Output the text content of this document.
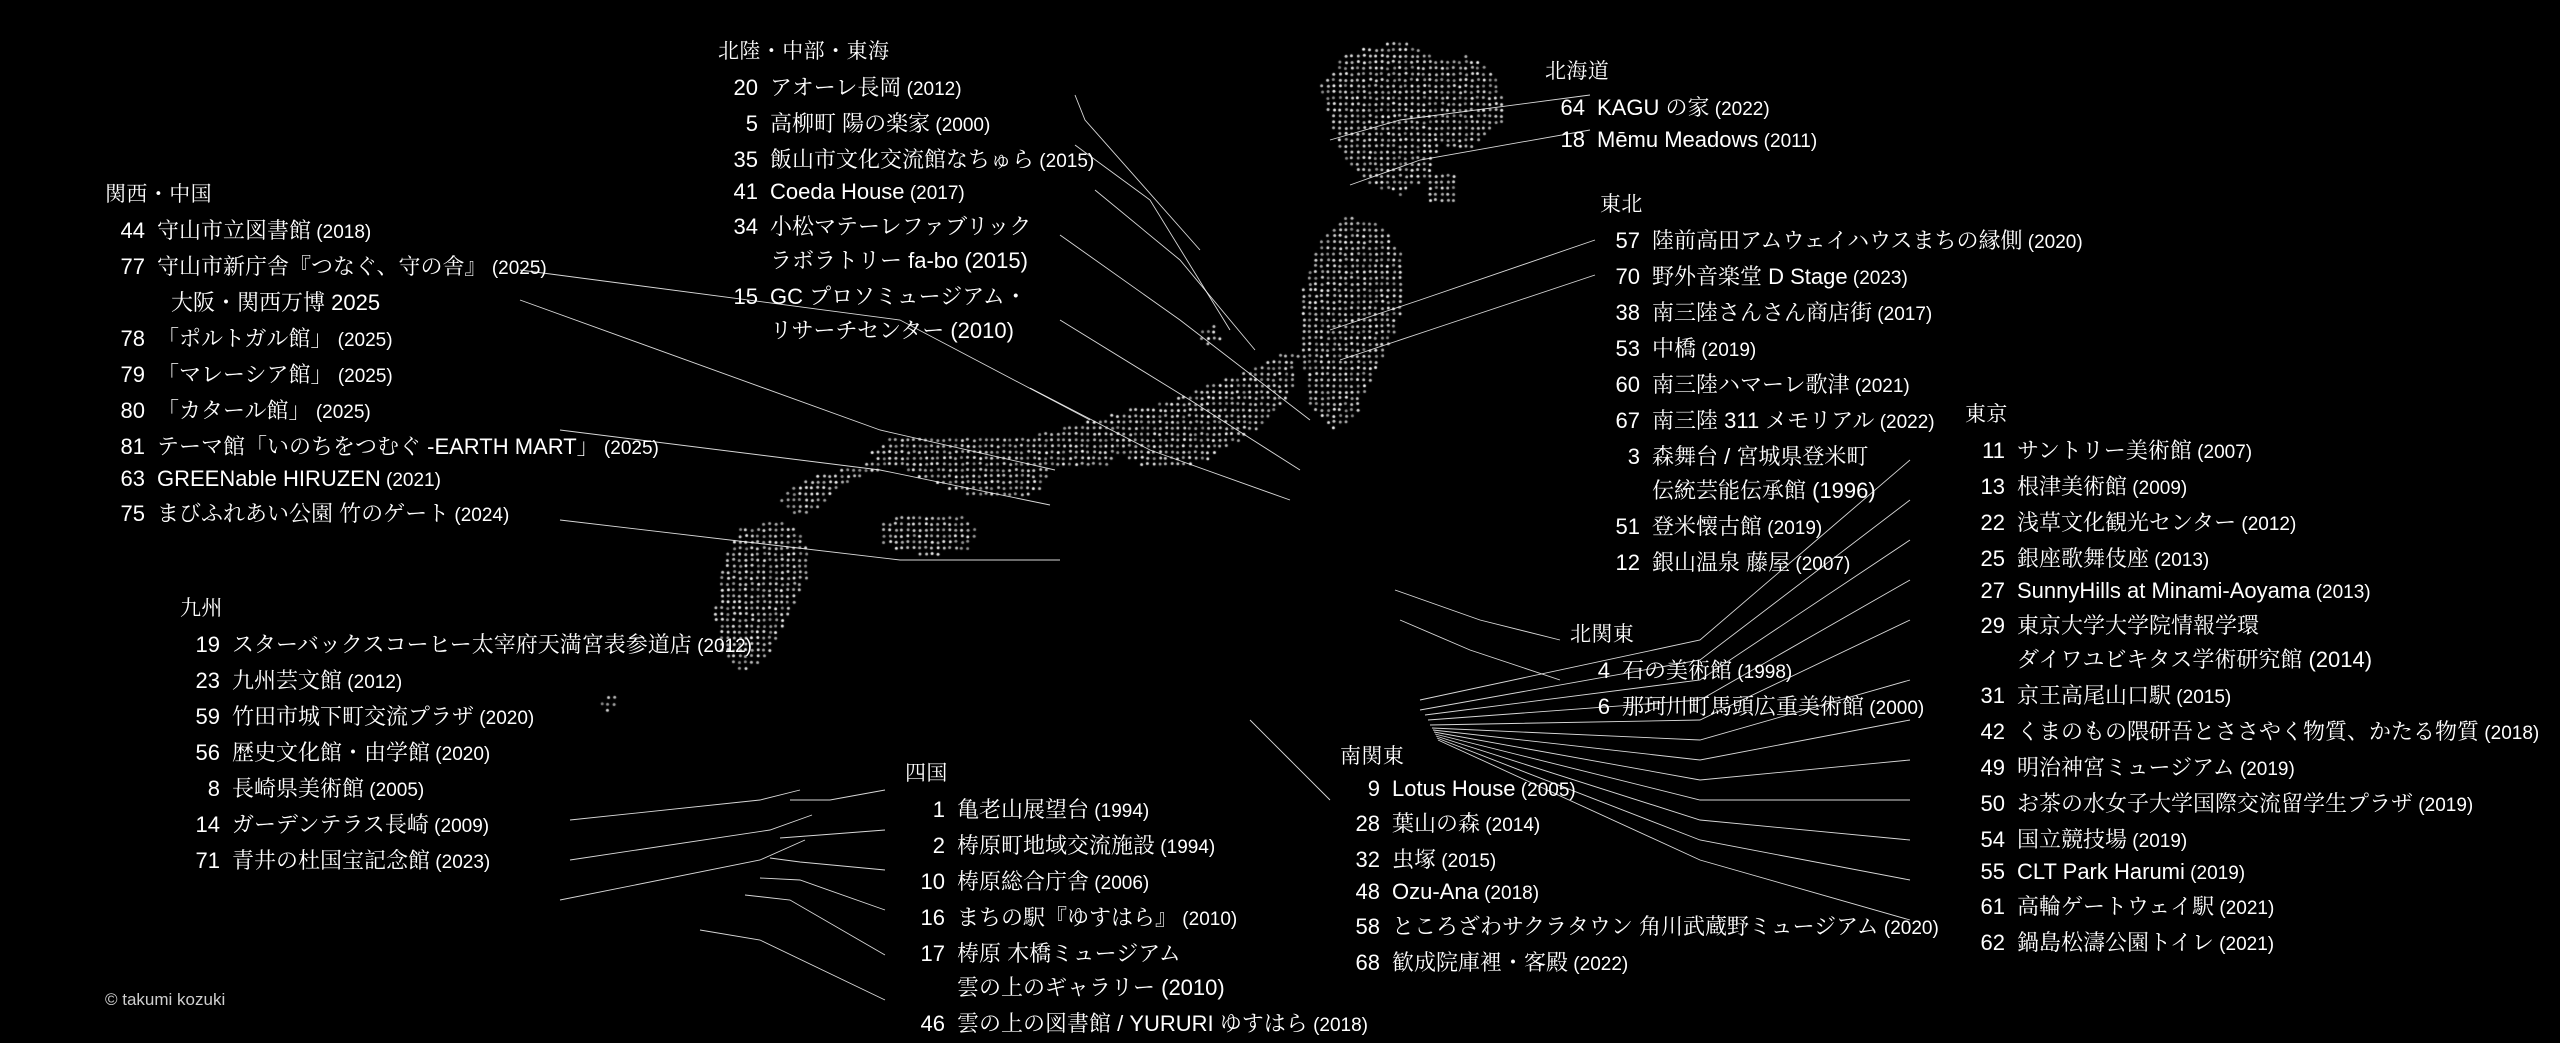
関西・中国
44 守山市立図書館 (2018)
77 守山市新庁舎『つなぐ、守の舎』 (2025)
大阪・関西万博 2025
78 「ポルトガル館」 (2025)
79 「マレーシア館」 (2025)
80 「カタール館」 (2025)
81 テーマ館「いのちをつむぐ -EARTH MART」 (2025)
63 GREENable HIRUZEN (2021)
75 まびふれあい公園 竹のゲート (2024)
九州
19 スターバックスコーヒー太宰府天満宮表参道店 (2012)
23 九州芸文館 (2012)
59 竹田市城下町交流プラザ (2020)
56 歴史文化館・由学館 (2020)
8 長崎県美術館 (2005)
14 ガーデンテラス長崎 (2009)
71 青井の杜国宝記念館 (2023)
北陸・中部・東海
20 アオーレ長岡 (2012)
5 高柳町 陽の楽家 (2000)
35 飯山市文化交流館なちゅら (2015)
41 Coeda House (2017)
34 小松マテーレファブリック
ラボラトリー fa-bo (2015)
15 GC プロソミュージアム・
リサーチセンター (2010)
四国
1 亀老山展望台 (1994)
2 梼原町地域交流施設 (1994)
10 梼原総合庁舎 (2006)
16 まちの駅『ゆすはら』 (2010)
17 梼原 木橋ミュージアム
雲の上のギャラリー (2010)
46 雲の上の図書館 / YURURI ゆすはら (2018)
南関東
9 Lotus House (2005)
28 葉山の森 (2014)
32 虫塚 (2015)
48 Ozu-Ana (2018)
58 ところざわサクラタウン 角川武蔵野ミュージアム (2020)
68 歓成院庫裡・客殿 (2022)
北関東
4 石の美術館 (1998)
6 那珂川町馬頭広重美術館 (2000)
北海道
64 KAGU の家 (2022)
18 Mēmu Meadows (2011)
東北
57 陸前高田アムウェイハウスまちの縁側 (2020)
70 野外音楽堂 D Stage (2023)
38 南三陸さんさん商店街 (2017)
53 中橋 (2019)
60 南三陸ハマーレ歌津 (2021)
67 南三陸 311 メモリアル (2022)
3 森舞台 / 宮城県登米町
伝統芸能伝承館 (1996)
51 登米懐古館 (2019)
12 銀山温泉 藤屋 (2007)
東京
11 サントリー美術館 (2007)
13 根津美術館 (2009)
22 浅草文化観光センター (2012)
25 銀座歌舞伎座 (2013)
27 SunnyHills at Minami-Aoyama (2013)
29 東京大学大学院情報学環
ダイワユビキタス学術研究館 (2014)
31 京王高尾山口駅 (2015)
42 くまのもの隈研吾とささやく物質、かたる物質 (2018)
49 明治神宮ミュージアム (2019)
50 お茶の水女子大学国際交流留学生プラザ (2019)
54 国立競技場 (2019)
55 CLT Park Harumi (2019)
61 高輪ゲートウェイ駅 (2021)
62 鍋島松濤公園トイレ (2021)
© takumi kozuki
